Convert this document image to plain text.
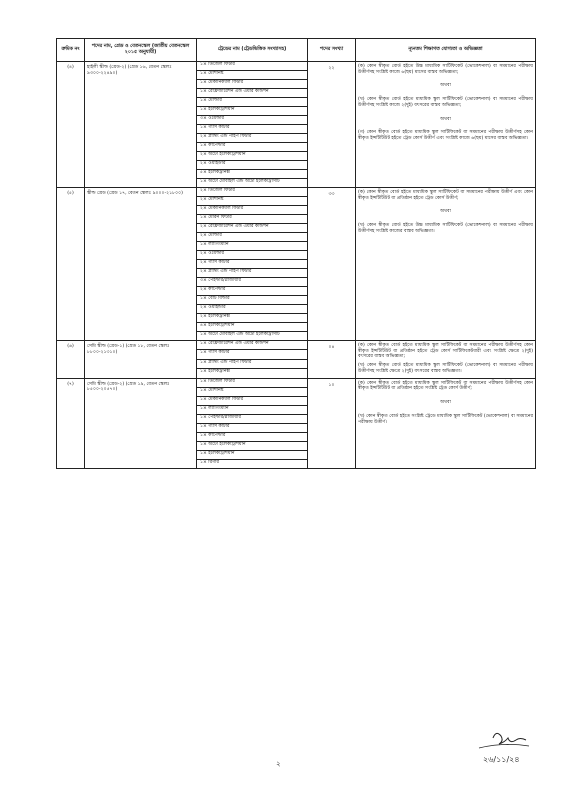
ক্রমিক নং	পদের নাম, গ্রেড ও বেতনস্কেল (জাতীয় বেতনস্কেল ২০১৫ অনুযায়ী)	ট্রেডের নাম (ট্রেডভিত্তিক সংখ্যাসহ)	পদের সংখ্যা	ন্যূনতম শিক্ষাগত যোগ্যতা ও অভিজ্ঞতা
(৪)	হাইলী স্কীল্ড (গ্রেড-২) (গ্রেড ১৬, বেতন স্কেলঃ ৯৩০০-২২৪৯০)	১× ডিজেল ফিটার	২২	(ক) কোন স্বীকৃত বোর্ড হইতে উচ্চ মাধ্যমিক সার্টিফিকেট (ভোকেশনাল) বা সমমানের পরীক্ষায় উত্তীর্ণসহ সংশ্লিষ্ট কাজে ৬(ছয়) মাসের বাস্তব অভিজ্ঞতা;

অথবা

(খ) কোন স্বীকৃত বোর্ড হইতে মাধ্যমিক স্কুল সার্টিফিকেট (ভোকেশনাল) বা সমমানের পরীক্ষায় উত্তীর্ণসহ সংশ্লিষ্ট কাজে ২(দুই) বৎসরের বাস্তব অভিজ্ঞতা;

অথবা

(গ) কোন স্বীকৃত বোর্ড হইতে মাধ্যমিক স্কুল সার্টিফিকেট বা সমমানের পরীক্ষায় উত্তীর্ণসহ কোন স্বীকৃত ইন্সটিটিউট হইতে ট্রেড কোর্স উত্তীর্ণ এবং সংশ্লিষ্ট কাজে ৬(ছয়) মাসের বাস্তব অভিজ্ঞতা।

		১× মেশিনিষ্ট		
		১× মেকানিক্যাল ফিটার		
		১× রেফ্রিজারেশন এন্ড এয়ার কন্ডিশন		
		১× মোল্ডার		
		১× ইলেকট্রিশিয়ান		
		৩× ওয়েল্ডার		
		১× গ্যাস কাটার		
		২× প্লাম্বিং এন্ড পাইপ ফিটার		
		১× কার্পেন্টার		
		২× অটো ইলেকট্রিশিয়ান		
		২× ওয়াইডার		
		৫× ইলেকট্রনিক্স		
		১× অটো মোবাইল এন্ড অটো ইলেকট্রিসিটি		
(৫)	স্কীল্ড গ্রেড (গ্রেড ১৭, বেতন স্কেলঃ ৯০০০-২১৮০০)	২× ডিজেল ফিটার	৩৩	(ক) কোন স্বীকৃত বোর্ড হইতে মাধ্যমিক স্কুল সার্টিফিকেট বা সমমানের পরীক্ষায় উত্তীর্ণ এবং কোন স্বীকৃত ইন্সটিটিউট বা প্রতিষ্ঠান হইতে ট্রেড কোর্স উত্তীর্ণ;

অথবা

(খ) কোন স্বীকৃত বোর্ড হইতে উচ্চ মাধ্যমিক সার্টিফিকেট (ভোকেশনাল) বা সমমানের পরীক্ষায় উত্তীর্ণসহ সংশ্লিষ্ট কাজের বাস্তব অভিজ্ঞতা।

		২× মেশিনিষ্ট		
		২× মেকানিক্যাল ফিটার		
		১× মেরিন ফিটার		
		২× রেফ্রিজারেশন এন্ড এয়ার কন্ডিশন		
		২× মোল্ডার		
		১× ল্যাগিংম্যান		
		২× ওয়েল্ডার		
		২× গ্যাস কাটার		
		২× প্লাম্বিং এন্ড পাইপ ফিটার		
		৩× পেইন্টার/গ্লাজীয়ার		
		২× কার্পেন্টার		
		১× বোট বিল্ডার		
		২× ওয়াইন্ডার		
		২× ইলেকট্রনিক্স		
		৪× ইলেকট্রিশিয়ান		
		১× অটো মোবাইল এন্ড অটো ইলেকট্রিসিটি		
(৬)	সেমি স্কীল্ড (গ্রেড-১) (গ্রেড ১৮, বেতন স্কেলঃ ৮৮০০-২১৩১০)	১× রেফ্রিজারেশন এন্ড এয়ার কন্ডিশন	০৪	(ক) কোন স্বীকৃত বোর্ড হইতে মাধ্যমিক স্কুল সার্টিফিকেট বা সমমানের পরীক্ষায় উত্তীর্ণসহ কোন স্বীকৃত ইন্সটিটিউট বা প্রতিষ্ঠান হইতে ট্রেড কোর্স সার্টিফিকেটধারী এবং সংশ্লিষ্ট ক্ষেত্রে ২(দুই) বৎসরের বাস্তব অভিজ্ঞতা;

(খ) কোন স্বীকৃত বোর্ড হইতে মাধ্যমিক স্কুল সার্টিফিকেট (ভোকেশনাল) বা সমমানের পরীক্ষায় উত্তীর্ণসহ সংশ্লিষ্ট ক্ষেত্রে ২(দুই) বৎসরের বাস্তব অভিজ্ঞতা।

		১× গ্যাস কাটার		
		১× প্লাম্বিং এন্ড পাইপ ফিটার		
		১× ইলেকট্রনিক্স		
(৭)	সেমি স্কীল্ড (গ্রেড-২) (গ্রেড ১৯, বেতন স্কেলঃ ৮৫০০-২০৫৭০)	১× ডিজেল ফিটার	১০	(ক) কোন স্বীকৃত বোর্ড হইতে মাধ্যমিক স্কুল সার্টিফিকেট বা সমমানের পরীক্ষায় উত্তীর্ণসহ কোন স্বীকৃত ইন্সটিটিউট বা প্রতিষ্ঠান হইতে সংশ্লিষ্ট ট্রেড কোর্স উত্তীর্ণ;

অথবা

(খ) কোন স্বীকৃত বোর্ড হইতে সংশ্লিষ্ট ট্রেডে মাধ্যমিক স্কুল সার্টিফিকেট (ভোকেশনাল) বা সমমানের পরীক্ষায় উত্তীর্ণ।

		১× মেশিনিষ্ট		
		১× মেকানিক্যাল ফিটার		
		১× ল্যাগিংম্যান		
		১× পেইন্টার/গ্লাজীয়ার		
		১× গ্যাস কাটার		
		১× কার্পেন্টার		
		১× অটো ইলেকট্রিশিয়ান		
		১× ইলেকট্রিশিয়ান		
		১× রিগার		
২	২৬/১১/২৪
